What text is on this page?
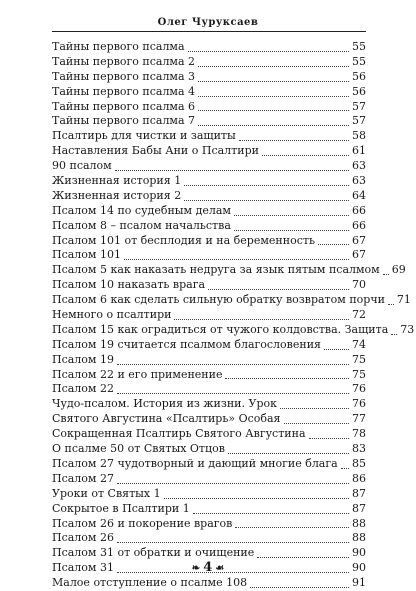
Олег Чуруксаев
Тайны первого псалма	55
Тайны первого псалма 2	55
Тайны первого псалма 3	56
Тайны первого псалма 4	56
Тайны первого псалма 6	57
Тайны первого псалма 7	57
Псалтирь для чистки и защиты	58
Наставления Бабы Ани о Псалтири	61
90 псалом	63
Жизненная история 1	63
Жизненная история 2	64
Псалом 14 по судебным делам	66
Псалом 8 – псалом начальства	66
Псалом 101 от бесплодия и на беременность	67
Псалом 101	67
Псалом 5 как наказать недруга за язык пятым псалмом 69
Псалом 10 наказать врага	70
Псалом 6 как сделать сильную обратку возвратом порчи 71
Немного о псалтири	72
Псалом 15 как оградиться от чужого колдовства. Защита 73
Псалом 19 считается псалмом благословения	74
Псалом 19	75
Псалом 22 и его применение	75
Псалом 22	76
Чудо-псалом. История из жизни. Урок	76
Святого Августина «Псалтирь» Особая	77
Сокращенная Псалтирь Святого Августина	78
О псалме 50 от Святых Отцов	83
Псалом 27 чудотворный и дающий многие блага 85
Псалом 27	86
Уроки от Святых 1	87
Сокрытое в Псалтири 1	87
Псалом 26 и покорение врагов	88
Псалом 26	88
Псалом 31 от обратки и очищение	90
Псалом 31	90
Малое отступление о псалме 108	91
❧ 4 ☙
